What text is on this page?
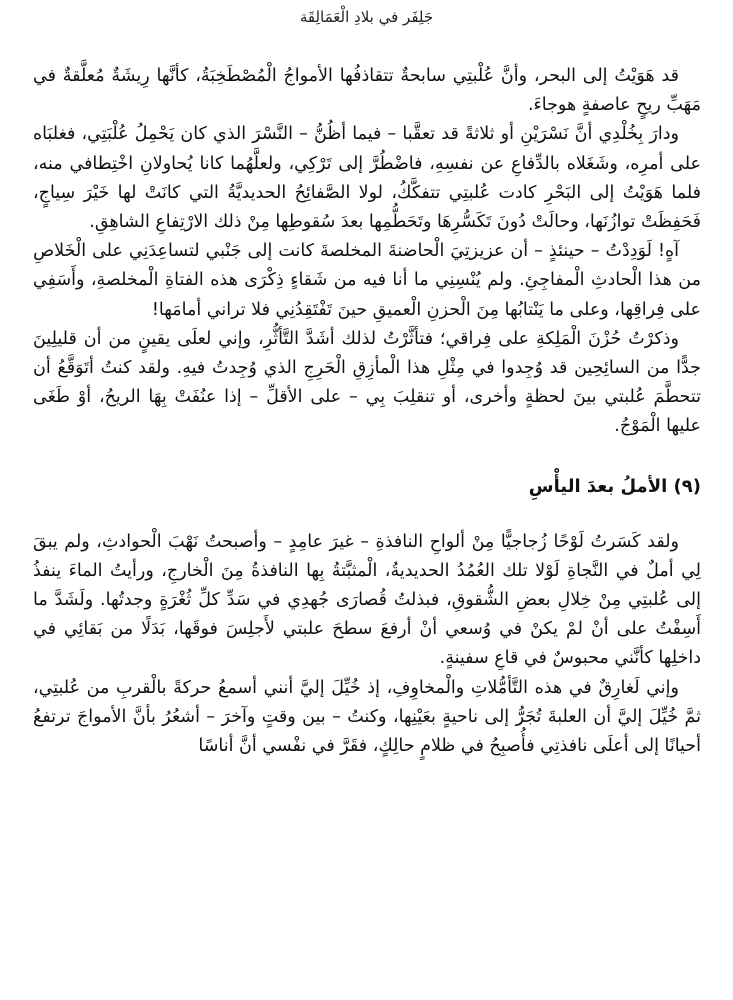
جَلِفَر في بلادِ الْعَمَالِقَة

قد هَوَيْتُ إلى البحر، وأنَّ عُلْبتِي سابحةٌ تتقاذفُها الأمواجُ الْمُصْطَخِبَةُ، كأنَّها رِيشَةٌ مُعلَّقةٌ في مَهَبِّ ريحٍ عاصفةٍ هوجاءَ.

ودارَ بِخُلْدِي أنَّ نَسْرَيْنِ أو ثلاثةً قد تعقَّبا – فيما أظُنُّ – النَّسْرَ الذي كان يَحْمِلُ عُلْبَتِي، فغلبَاه على أمرِه، وشَغَلاه بالدِّفاعِ عن نفسِهِ، فاضْطُرَّ إلى تَرْكِي، ولعلَّهُما كانا يُحاولانِ اخْتِطافي منه، فلما هَوَيْتُ إلى البَحْرِ كادت عُلبتِي تتفكَّكُ، لولا الصَّفائِحُ الحديديَّةُ التي كانَتْ لها خَيْرَ سِياجٍ، فَحَفِظَتْ توازُنَها، وحالَتْ دُونَ تَكَسُّرِهَا وتَحَطُّمِها بعدَ سُقوطِها مِنْ ذلك الارْتِفاعِ الشاهِقِ.

آهٍ! لَوَدِدْتُ – حينئذٍ – أن عزيزتِيَ الْحاضنةَ المخلصةَ كانت إلى جَنْبي لتساعِدَنِي على الْخَلاصِ من هذا الْحادثِ الْمفاجِئِ. ولم يُنْسِنِي ما أنا فيه من شَقاءٍ ذِكْرَى هذه الفتاةِ الْمخلصةِ، وأَسَفِي على فِراقِها، وعلى ما يَنْتابُها مِنَ الْحزنِ الْعميقِ حينَ تَفْتَقِدُنِي فلا تراني أمامَها!

وذكرْتُ حُزْنَ الْمَلِكةِ على فِراقي؛ فتأثَّرْتُ لذلك أشَدَّ التَّأثُّرِ، وإني لعلَى يقينٍ من أن قليلِينَ جدًّا من السائِحِين قد وُجِدوا في مِثْلِ هذا الْمأزِقِ الْحَرِجِ الذي وُجِدتُ فيهِ. ولقد كنتُ أتَوَقَّعُ أن تتحطَّمَ عُلبتي بينَ لحظةٍ وأخرى، أو تنقلِبَ بِي – على الأقلِّ – إذا عنُفَتْ بِهَا الريحُ، أوْ طَغَى عليها الْمَوْجُ.

(٩) الأملُ بعدَ اليأْسِ

ولقد كَسَرتُ لَوْحًا زُجاجيًّا مِنْ ألواحِ النافذةِ – غيرَ عامِدٍ – وأصبحتُ نَهْبَ الْحوادثِ، ولم يبقَ لِي أملٌ في النَّجاةِ لَوْلا تلك العُمُدُ الحديديةُ، الْمثبَّتةُ بِها النافذةُ مِنَ الْخارجِ، ورأيتُ الماءَ ينفذُ إلى عُلبتِي مِنْ خِلالِ بعضِ الشُّقوقِ، فبذلتُ قُصارَى جُهدِي في سَدِّ كلِّ ثُغْرَةٍ وجدتُها. ولَشَدَّ ما أَسِفْتُ على أنْ لمْ يكنْ في وُسعي أنْ أرفعَ سطحَ علبتي لأَجلِسَ فوقَها، بَدَلًا من بَقائِي في داخلِها كأنَّني محبوسٌ في قاعِ سفينةٍ.

وإني لَغارِقٌ في هذه التَّأمُّلاتِ والْمخاوِفِ، إذ خُيِّلَ إليَّ أنني أسمعُ حركةً بالْقربِ من عُلبتِي، ثمَّ خُيِّلَ إليَّ أن العلبةَ تُجَرُّ إلى ناحيةٍ بعَيْنِها، وكنتُ – بين وقتٍ وآخرَ – أشعُرُ بأنَّ الأمواجَ ترتفعُ أحيانًا إلى أعلَى نافذتِي فأُصبِحُ في ظلامٍ حالِكٍ، فقَرَّ في نفْسي أنَّ أناسًا
